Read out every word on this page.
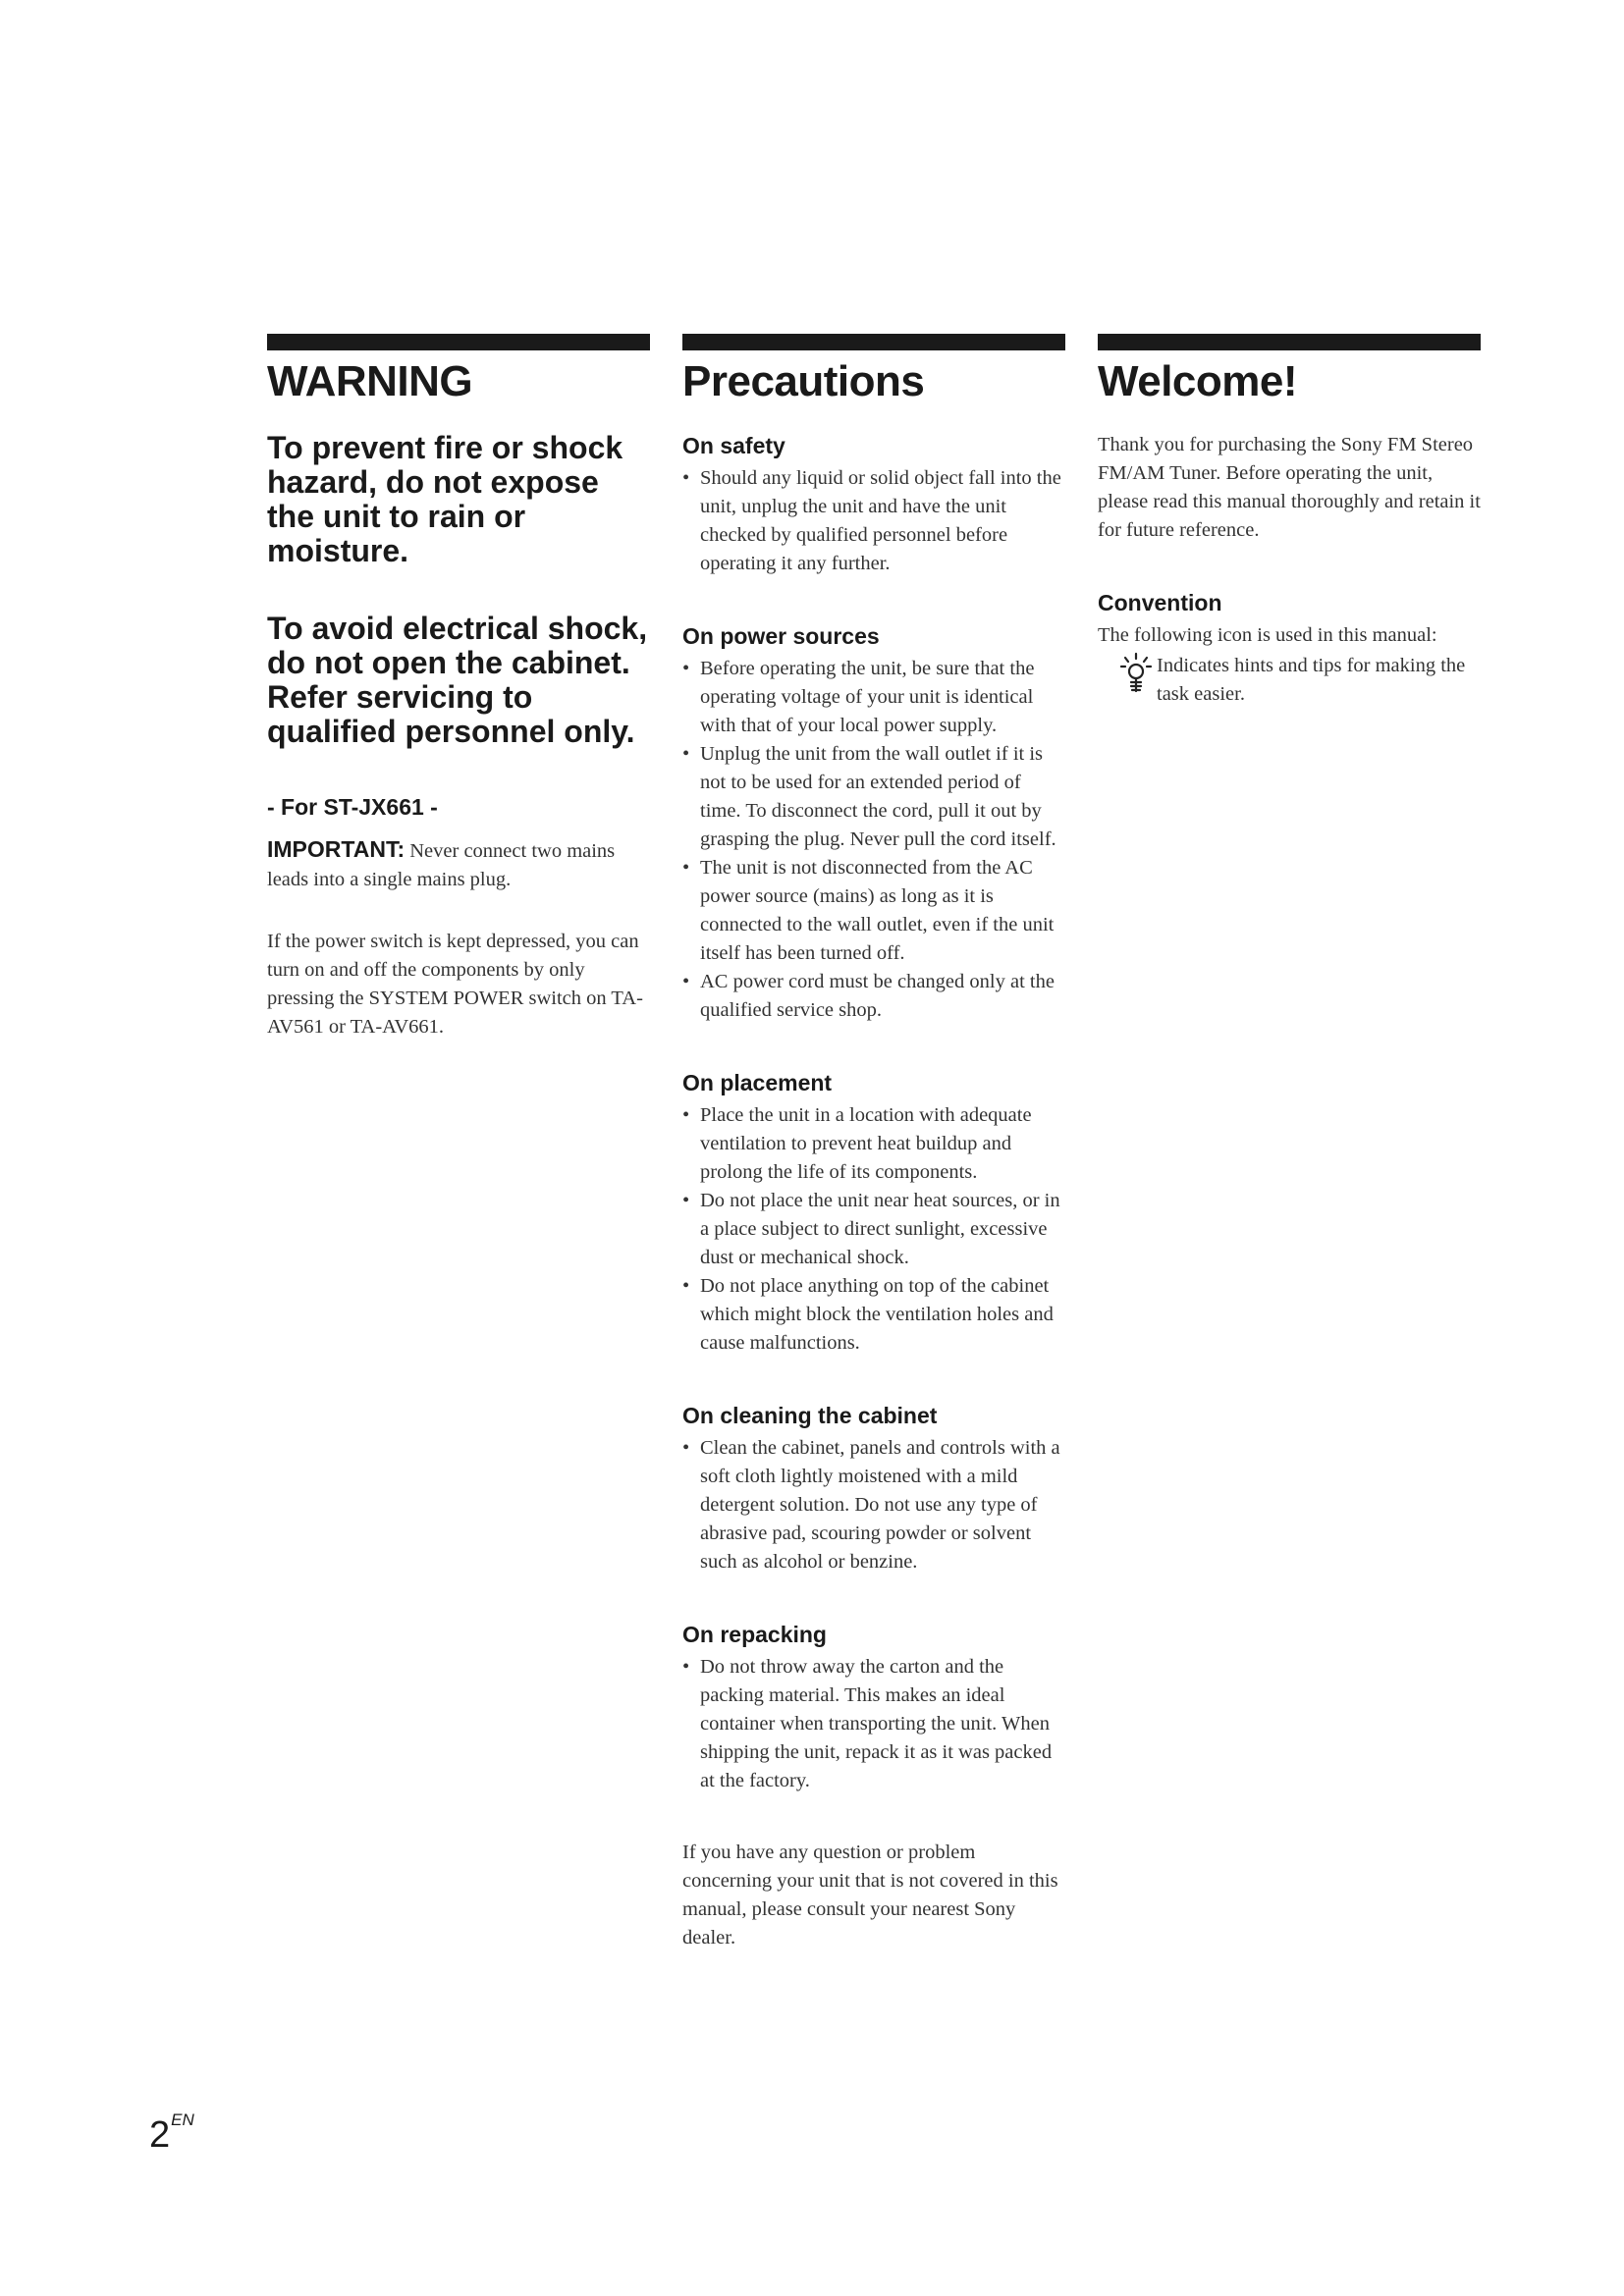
WARNING
To prevent fire or shock hazard, do not expose the unit to rain or moisture.
To avoid electrical shock, do not open the cabinet. Refer servicing to qualified personnel only.
- For ST-JX661 -

IMPORTANT: Never connect two mains leads into a single mains plug.

If the power switch is kept depressed, you can turn on and off the components by only pressing the SYSTEM POWER switch on TA-AV561 or TA-AV661.

Precautions
On safety
• Should any liquid or solid object fall into the unit, unplug the unit and have the unit checked by qualified personnel before operating it any further.
On power sources
• Before operating the unit, be sure that the operating voltage of your unit is identical with that of your local power supply.
• Unplug the unit from the wall outlet if it is not to be used for an extended period of time. To disconnect the cord, pull it out by grasping the plug. Never pull the cord itself.
• The unit is not disconnected from the AC power source (mains) as long as it is connected to the wall outlet, even if the unit itself has been turned off.
• AC power cord must be changed only at the qualified service shop.
On placement
• Place the unit in a location with adequate ventilation to prevent heat buildup and prolong the life of its components.
• Do not place the unit near heat sources, or in a place subject to direct sunlight, excessive dust or mechanical shock.
• Do not place anything on top of the cabinet which might block the ventilation holes and cause malfunctions.
On cleaning the cabinet
• Clean the cabinet, panels and controls with a soft cloth lightly moistened with a mild detergent solution. Do not use any type of abrasive pad, scouring powder or solvent such as alcohol or benzine.
On repacking
• Do not throw away the carton and the packing material. This makes an ideal container when transporting the unit. When shipping the unit, repack it as it was packed at the factory.

If you have any question or problem concerning your unit that is not covered in this manual, please consult your nearest Sony dealer.

Welcome!

Thank you for purchasing the Sony FM Stereo FM/AM Tuner. Before operating the unit, please read this manual thoroughly and retain it for future reference.

Convention

The following icon is used in this manual:

Indicates hints and tips for making the task easier.
$2^{EN}$
